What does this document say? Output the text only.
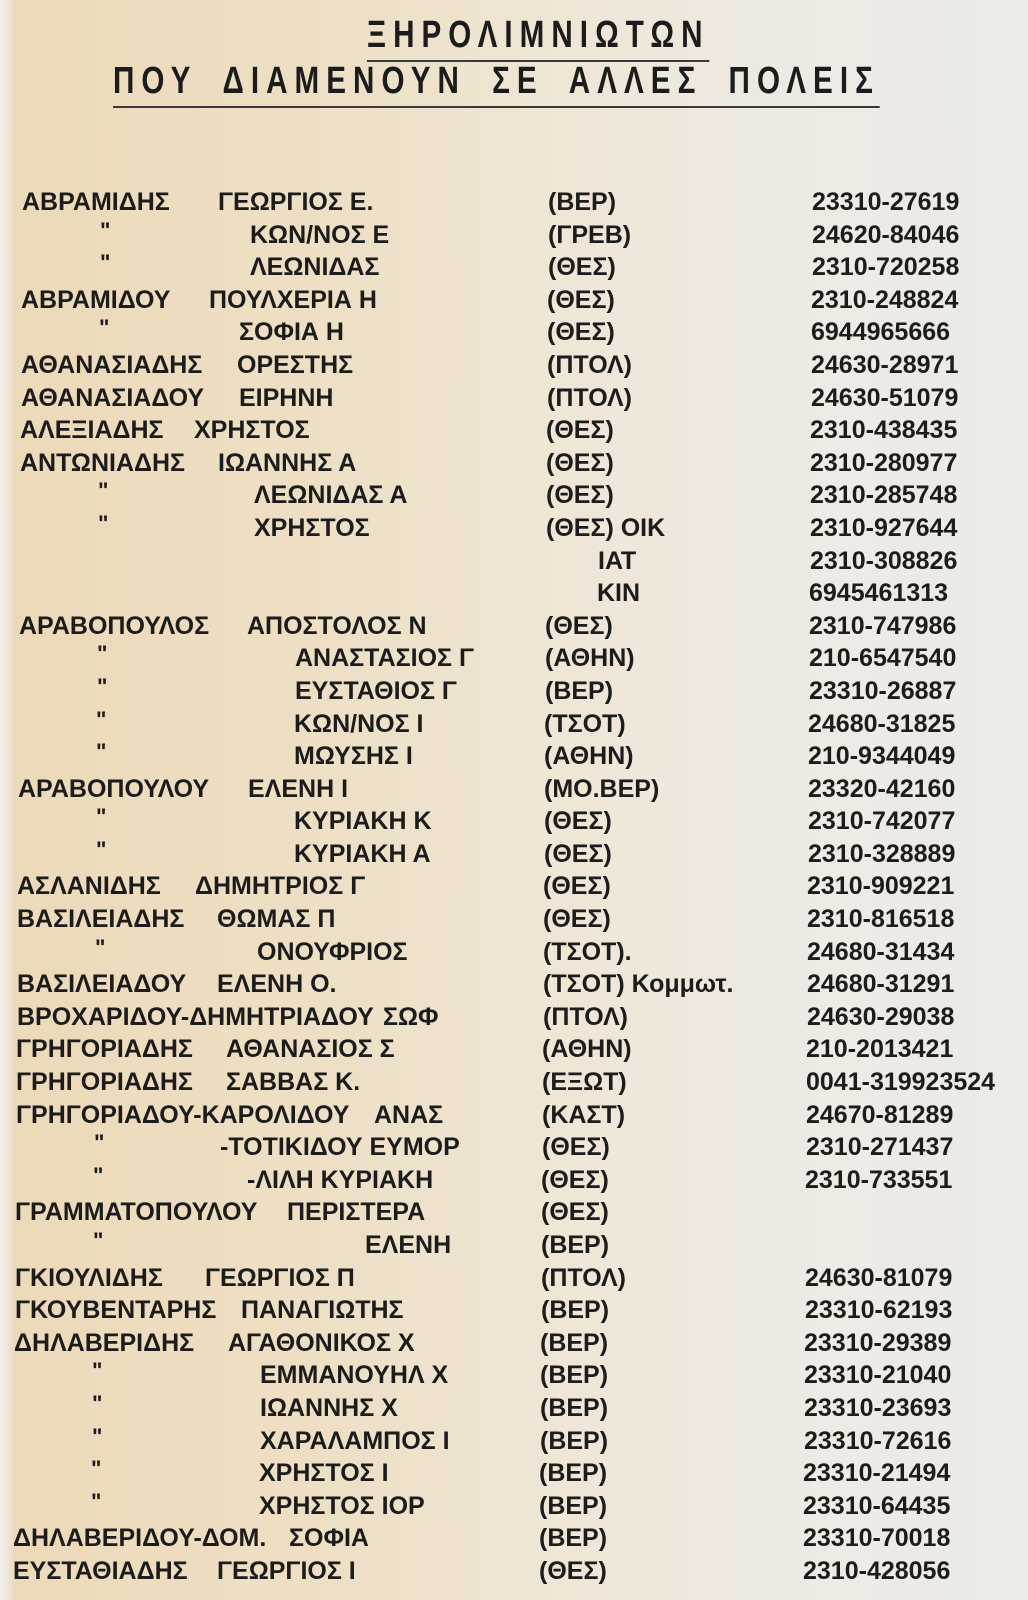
ΞΗΡΟΛΙΜΝΙΩΤΩΝ
ΠΟΥ ΔΙΑΜΕΝΟΥΝ ΣΕ ΑΛΛΕΣ ΠΟΛΕΙΣ
ΑΒΡΑΜΙΔΗΣ ΓΕΩΡΓΙΟΣ Ε.	(ΒΕΡ)	23310-27619
"	ΚΩΝ/ΝΟΣ Ε	(ΓΡΕΒ)	24620-84046
"	ΛΕΩΝΙΔΑΣ	(ΘΕΣ)	2310-720258
ΑΒΡΑΜΙΔΟΥ ΠΟΥΛΧΕΡΙΑ Η	(ΘΕΣ)	2310-248824
"	ΣΟΦΙΑ Η	(ΘΕΣ)	6944965666
ΑΘΑΝΑΣΙΑΔΗΣ ΟΡΕΣΤΗΣ	(ΠΤΟΛ)	24630-28971
ΑΘΑΝΑΣΙΑΔΟΥ ΕΙΡΗΝΗ	(ΠΤΟΛ)	24630-51079
ΑΛΕΞΙΑΔΗΣ ΧΡΗΣΤΟΣ	(ΘΕΣ)	2310-438435
ΑΝΤΩΝΙΑΔΗΣ ΙΩΑΝΝΗΣ Α	(ΘΕΣ)	2310-280977
"	ΛΕΩΝΙΔΑΣ Α	(ΘΕΣ)	2310-285748
"	ΧΡΗΣΤΟΣ	(ΘΕΣ) ΟΙΚ	2310-927644
ΙΑΤ	2310-308826
ΚΙΝ	6945461313
ΑΡΑΒΟΠΟΥΛΟΣ ΑΠΟΣΤΟΛΟΣ Ν	(ΘΕΣ)	2310-747986
"	ΑΝΑΣΤΑΣΙΟΣ Γ	(ΑΘΗΝ)	210-6547540
"	ΕΥΣΤΑΘΙΟΣ Γ	(ΒΕΡ)	23310-26887
"	ΚΩΝ/ΝΟΣ Ι	(ΤΣΟΤ)	24680-31825
"	ΜΩΥΣΗΣ Ι	(ΑΘΗΝ)	210-9344049
ΑΡΑΒΟΠΟΥΛΟΥ ΕΛΕΝΗ Ι	(ΜΟ.ΒΕΡ)	23320-42160
"	ΚΥΡΙΑΚΗ Κ	(ΘΕΣ)	2310-742077
"	ΚΥΡΙΑΚΗ Α	(ΘΕΣ)	2310-328889
ΑΣΛΑΝΙΔΗΣ ΔΗΜΗΤΡΙΟΣ Γ	(ΘΕΣ)	2310-909221
ΒΑΣΙΛΕΙΑΔΗΣ ΘΩΜΑΣ Π	(ΘΕΣ)	2310-816518
"	ΟΝΟΥΦΡΙΟΣ	(ΤΣΟΤ).	24680-31434
ΒΑΣΙΛΕΙΑΔΟΥ ΕΛΕΝΗ Ο.	(ΤΣΟΤ) Κομμωτ.	24680-31291
ΒΡΟΧΑΡΙΔΟΥ-ΔΗΜΗΤΡΙΑΔΟΥ ΣΩΦ	(ΠΤΟΛ)	24630-29038
ΓΡΗΓΟΡΙΑΔΗΣ ΑΘΑΝΑΣΙΟΣ Σ	(ΑΘΗΝ)	210-2013421
ΓΡΗΓΟΡΙΑΔΗΣ ΣΑΒΒΑΣ Κ.	(ΕΞΩΤ)	0041-319923524
ΓΡΗΓΟΡΙΑΔΟΥ-ΚΑΡΟΛΙΔΟΥ ΑΝΑΣ	(ΚΑΣΤ)	24670-81289
"	-ΤΟΤΙΚΙΔΟΥ ΕΥΜΟΡ	(ΘΕΣ)	2310-271437
"	-ΛΙΛΗ ΚΥΡΙΑΚΗ	(ΘΕΣ)	2310-733551
ΓΡΑΜΜΑΤΟΠΟΥΛΟΥ ΠΕΡΙΣΤΕΡΑ	(ΘΕΣ)
"	ΕΛΕΝΗ	(ΒΕΡ)
ΓΚΙΟΥΛΙΔΗΣ ΓΕΩΡΓΙΟΣ Π	(ΠΤΟΛ)	24630-81079
ΓΚΟΥΒΕΝΤΑΡΗΣ ΠΑΝΑΓΙΩΤΗΣ	(ΒΕΡ)	23310-62193
ΔΗΛΑΒΕΡΙΔΗΣ ΑΓΑΘΟΝΙΚΟΣ Χ	(ΒΕΡ)	23310-29389
"	ΕΜΜΑΝΟΥΗΛ Χ	(ΒΕΡ)	23310-21040
"	ΙΩΑΝΝΗΣ Χ	(ΒΕΡ)	23310-23693
"	ΧΑΡΑΛΑΜΠΟΣ Ι	(ΒΕΡ)	23310-72616
"	ΧΡΗΣΤΟΣ Ι	(ΒΕΡ)	23310-21494
"	ΧΡΗΣΤΟΣ ΙΟΡ	(ΒΕΡ)	23310-64435
ΔΗΛΑΒΕΡΙΔΟΥ-ΔΟΜ. ΣΟΦΙΑ	(ΒΕΡ)	23310-70018
ΕΥΣΤΑΘΙΑΔΗΣ ΓΕΩΡΓΙΟΣ Ι	(ΘΕΣ)	2310-428056
